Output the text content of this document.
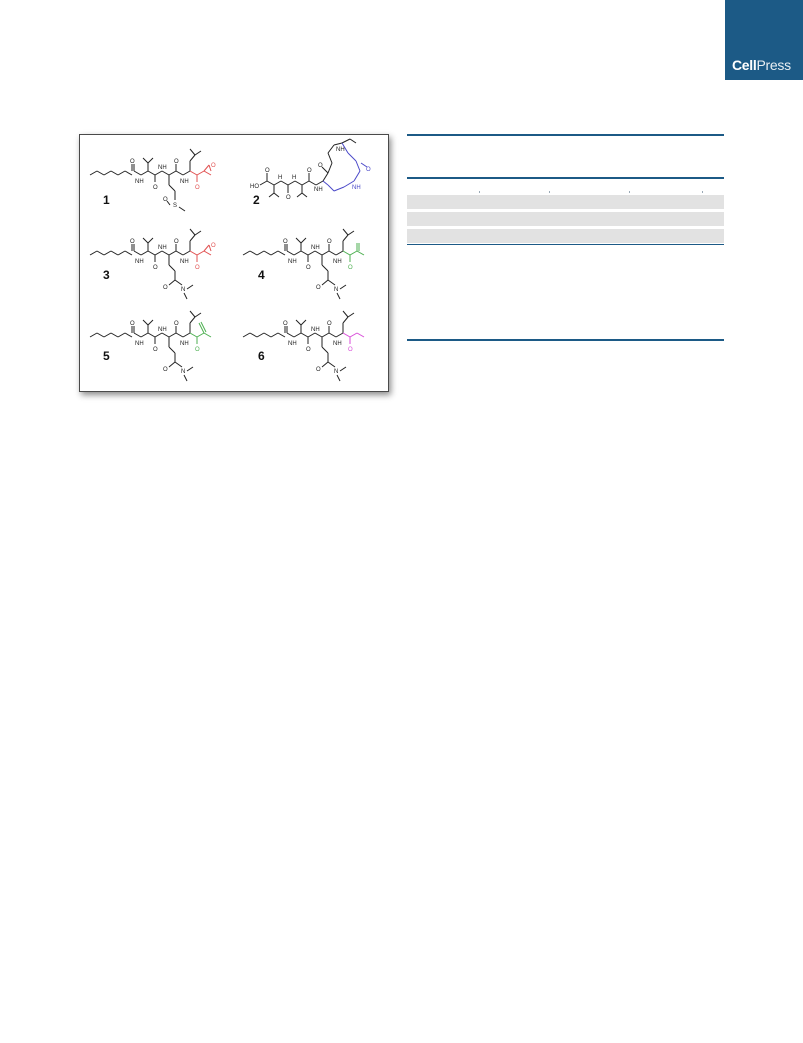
CellPress
O
NH
O
NH
S
O
O
NH
O
O
O
NH
O
NH
O N
O
NH
O
O
O
NH
O
NH
O N
O
NH
O
O
NH
O
NH
O N
O
NH
O
O
NH
O
NH
O N
O
NH
O
HO
O
H
O
H
O
NH
O
NH
O
NH
1	2
3	4
5	6
